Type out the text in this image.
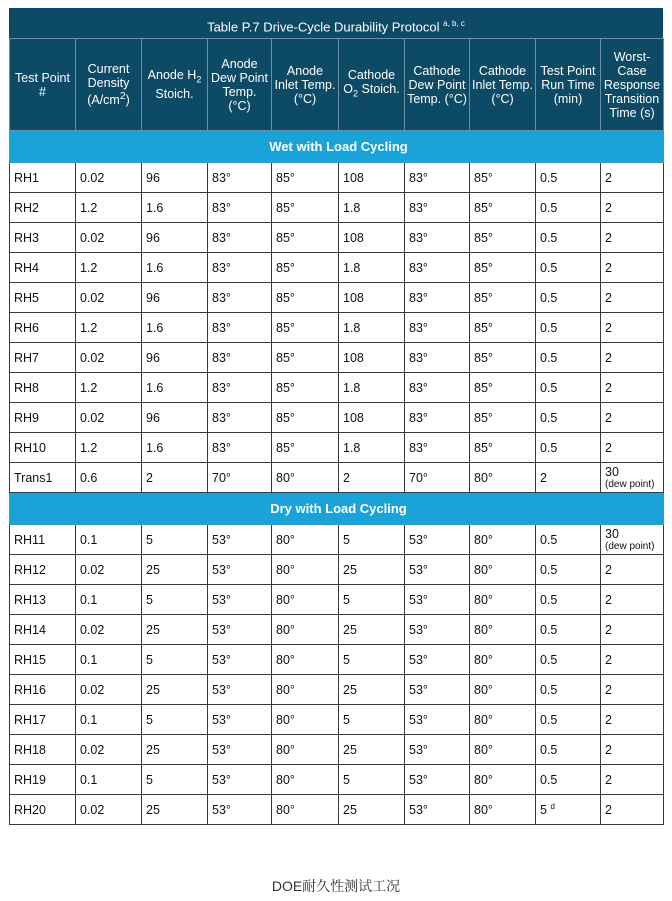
Table P.7 Drive-Cycle Durability Protocol $^{a, b, c}$
Test Point #	Current Density $(A/cm^2)$	Anode $H_2$ Stoich.	Anode Dew Point Temp. (°C)	Anode Inlet Temp. (°C)	Cathode $O_2$ Stoich.	Cathode Dew Point Temp. (°C)	Cathode Inlet Temp. (°C)	Test Point Run Time (min)	Worst-Case Response Transition Time (s)
Wet with Load Cycling									
RH1	0.02	96	83°	85°	108	83°	85°	0.5	2
RH2	1.2	1.6	83°	85°	1.8	83°	85°	0.5	2
RH3	0.02	96	83°	85°	108	83°	85°	0.5	2
RH4	1.2	1.6	83°	85°	1.8	83°	85°	0.5	2
RH5	0.02	96	83°	85°	108	83°	85°	0.5	2
RH6	1.2	1.6	83°	85°	1.8	83°	85°	0.5	2
RH7	0.02	96	83°	85°	108	83°	85°	0.5	2
RH8	1.2	1.6	83°	85°	1.8	83°	85°	0.5	2
RH9	0.02	96	83°	85°	108	83°	85°	0.5	2
RH10	1.2	1.6	83°	85°	1.8	83°	85°	0.5	2
Trans1	0.6	2	70°	80°	2	70°	80°	2	30
(dew point)

Dry with Load Cycling									
RH11	0.1	5	53°	80°	5	53°	80°	0.5	30
(dew point)

RH12	0.02	25	53°	80°	25	53°	80°	0.5	2
RH13	0.1	5	53°	80°	5	53°	80°	0.5	2
RH14	0.02	25	53°	80°	25	53°	80°	0.5	2
RH15	0.1	5	53°	80°	5	53°	80°	0.5	2
RH16	0.02	25	53°	80°	25	53°	80°	0.5	2
RH17	0.1	5	53°	80°	5	53°	80°	0.5	2
RH18	0.02	25	53°	80°	25	53°	80°	0.5	2
RH19	0.1	5	53°	80°	5	53°	80°	0.5	2
RH20	0.02	25	53°	80°	25	53°	80°	5 $^d$	2
DOE耐久性测试工况
